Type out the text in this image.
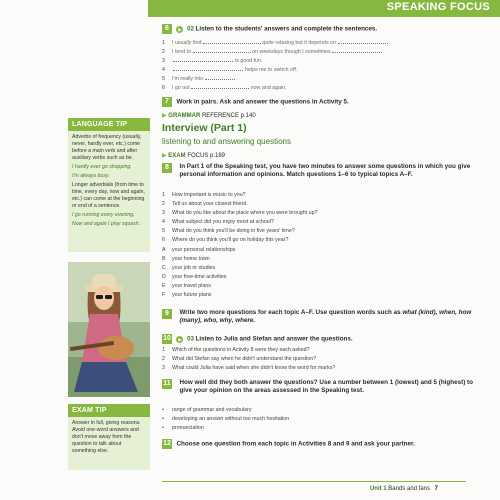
SPEAKING FOCUS
LANGUAGE TIP

Adverbs of frequency (usually, never, hardly ever, etc.) come before a main verb and after auxiliary verbs such as be.

I hardly ever go shopping.

I'm always busy.

Longer adverbials (from time to time, every day, now and again, etc.) can come at the beginning or end of a sentence.

I go running every evening.

Now and again I play squash.

EXAM TIP

Answer in full, giving reasons. Avoid one-word answers and don't move away from the question to talk about something else.

6 ▶ 02 Listen to the students' answers and complete the sentences.
1 I usually find	quite relaxing but it depends on
2 I tend to	on weekdays though I sometimes
3	is good fun.
4	helps me to switch off.
5 I'm really into
6 I go out	now and again.
7 Work in pairs. Ask and answer the questions in Activity 5.
▶ GRAMMAR REFERENCE p.140
Interview (Part 1)
listening to and answering questions
▶ EXAM FOCUS p.189
8 In Part 1 of the Speaking test, you have two minutes to answer some questions in which you give personal information and opinions. Match questions 1–6 to typical topics A–F.
1 How important is music to you?
2 Tell us about your closest friend.
3 What do you like about the place where you were brought up?
4 What subject did you enjoy most at school?
5 What do you think you'll be doing in five years' time?
6 Where do you think you'll go on holiday this year?
A your personal relationships
B your home town
C your job or studies
D your free-time activities
E your travel plans
F your future plans
9 Write two more questions for each topic A–F. Use question words such as what (kind), when, how (many), who, why, where.
10 ▶ 03 Listen to Julia and Stefan and answer the questions.
1 Which of the questions in Activity 8 were they each asked?
2 What did Stefan say when he didn't understand the question?
3 What could Julia have said when she didn't know the word for marks?
11 How well did they both answer the questions? Use a number between 1 (lowest) and 5 (highest) to give your opinion on the areas assessed in the Speaking test.
• range of grammar and vocabulary
• developing an answer without too much hesitation
• pronunciation
12 Choose one question from each topic in Activities 8 and 9 and ask your partner.
Unit 1 Bands and fans 7
